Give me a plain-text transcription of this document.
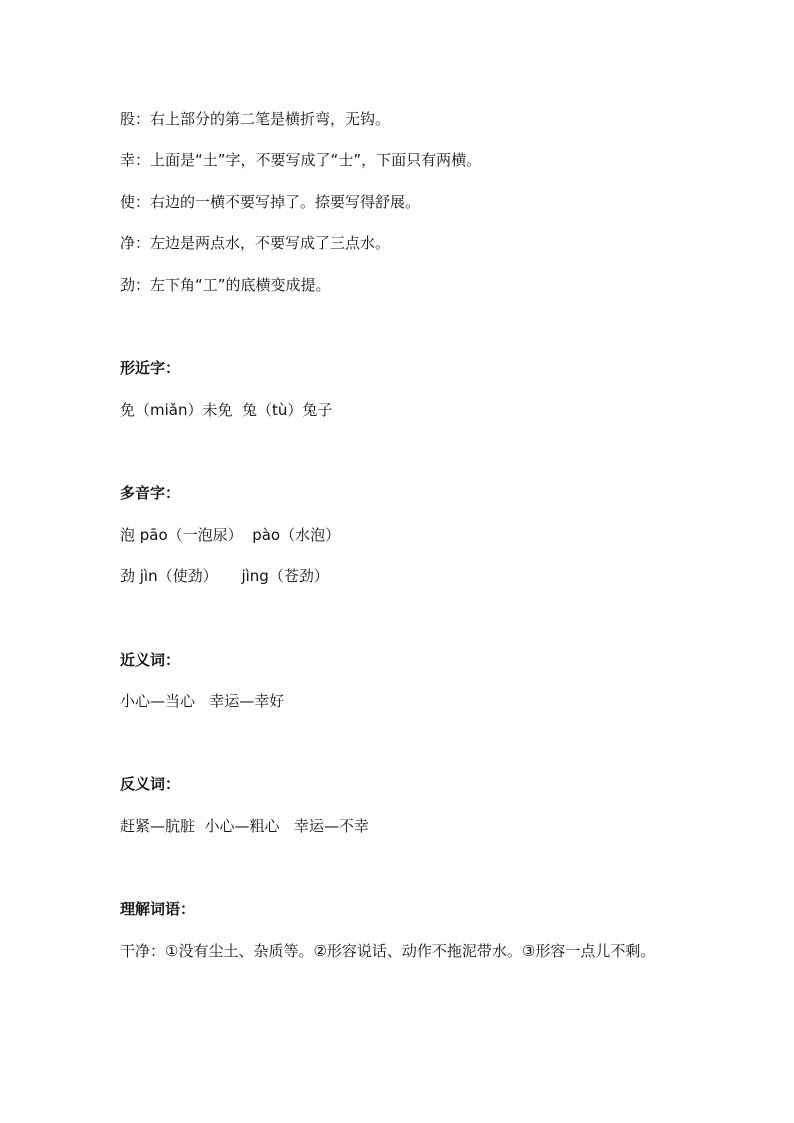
股：右上部分的第二笔是横折弯，无钩。
幸：上面是“土”字，不要写成了“士”，下面只有两横。
使：右边的一横不要写掉了。捺要写得舒展。
净：左边是两点水，不要写成了三点水。
劲：左下角“工”的底横变成提。
形近字：
免（miǎn）未免  兔（tù）兔子
多音字：
泡 pāo（一泡尿）  pào（水泡）
劲 jìn（使劲）     jìng（苍劲）
近义词：
小心—当心   幸运—幸好
反义词：
赶紧—肮脏  小心—粗心   幸运—不幸
理解词语：
干净：①没有尘土、杂质等。②形容说话、动作不拖泥带水。③形容一点儿不剩。
